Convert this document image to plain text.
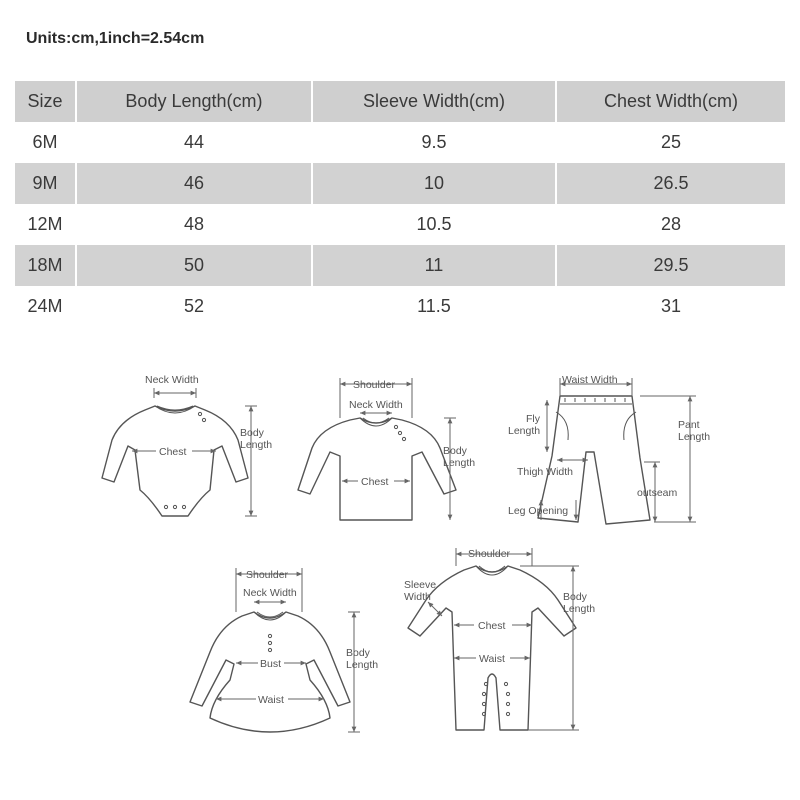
Units:cm,1inch=2.54cm
Size	Body Length(cm)	Sleeve Width(cm)	Chest Width(cm)
6M	44	9.5	25
9M	46	10	26.5
12M	48	10.5	28
18M	50	11	29.5
24M	52	11.5	31
Neck Width
Chest
Body
Length
Shoulder
Neck Width
Chest
Body
Length
Waist Width
Fly
Length	Pant
Length
Thigh Width
outseam
Leg Opening
Shoulder
Neck Width
Bust
Waist
Body
Length
Shoulder
Sleeve
Width
Chest
Waist
Body
Length
